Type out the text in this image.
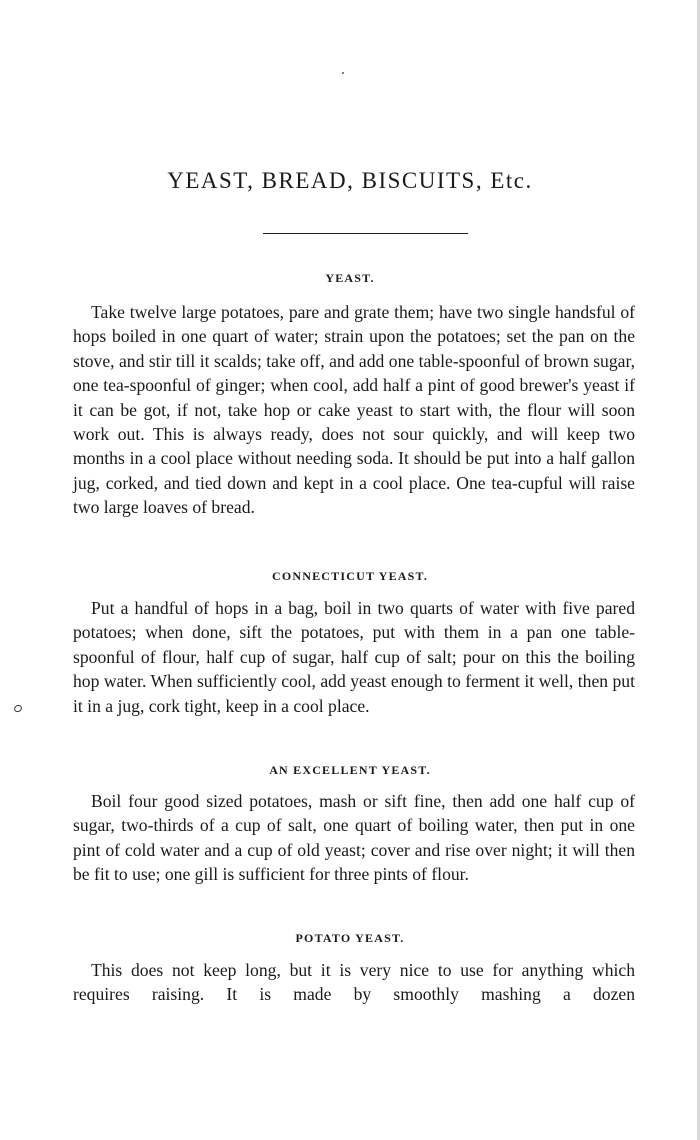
YEAST, BREAD, BISCUITS, Etc.
YEAST.

Take twelve large potatoes, pare and grate them; have two single handsful of hops boiled in one quart of water; strain upon the potatoes; set the pan on the stove, and stir till it scalds; take off, and add one table-spoonful of brown sugar, one tea-spoonful of ginger; when cool, add half a pint of good brewer's yeast if it can be got, if not, take hop or cake yeast to start with, the flour will soon work out. This is always ready, does not sour quickly, and will keep two months in a cool place without needing soda. It should be put into a half gallon jug, corked, and tied down and kept in a cool place. One tea-cupful will raise two large loaves of bread.

CONNECTICUT YEAST.

Put a handful of hops in a bag, boil in two quarts of water with five pared potatoes; when done, sift the potatoes, put with them in a pan one table-spoonful of flour, half cup of sugar, half cup of salt; pour on this the boiling hop water. When sufficiently cool, add yeast enough to ferment it well, then put it in a jug, cork tight, keep in a cool place.

AN EXCELLENT YEAST.

Boil four good sized potatoes, mash or sift fine, then add one half cup of sugar, two-thirds of a cup of salt, one quart of boiling water, then put in one pint of cold water and a cup of old yeast; cover and rise over night; it will then be fit to use; one gill is sufficient for three pints of flour.

POTATO YEAST.

This does not keep long, but it is very nice to use for anything which requires raising. It is made by smoothly mashing a dozen
